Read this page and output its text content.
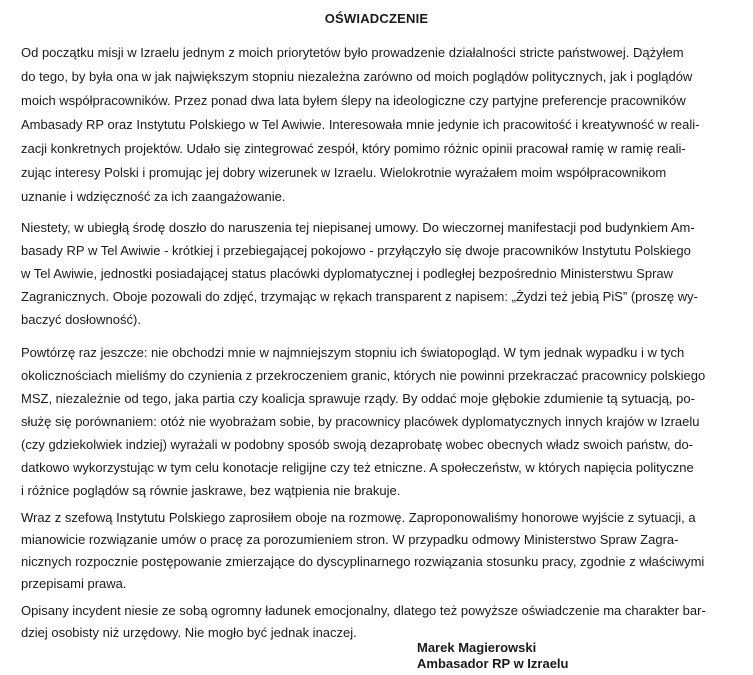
OŚWIADCZENIE
Od początku misji w Izraelu jednym z moich priorytetów było prowadzenie działalności stricte państwowej. Dążyłem
do tego, by była ona w jak największym stopniu niezależna zarówno od moich poglądów politycznych, jak i poglądów
moich współpracowników. Przez ponad dwa lata byłem ślepy na ideologiczne czy partyjne preferencje pracowników
Ambasady RP oraz Instytutu Polskiego w Tel Awiwie. Interesowała mnie jedynie ich pracowitość i kreatywność w reali-
zacji konkretnych projektów. Udało się zintegrować zespół, który pomimo różnic opinii pracował ramię w ramię reali-
zując interesy Polski i promując jej dobry wizerunek w Izraelu. Wielokrotnie wyrażałem moim współpracownikom
uznanie i wdzięczność za ich zaangażowanie.
Niestety, w ubiegłą środę doszło do naruszenia tej niepisanej umowy. Do wieczornej manifestacji pod budynkiem Am-
basady RP w Tel Awiwie - krótkiej i przebiegającej pokojowo - przyłączyło się dwoje pracowników Instytutu Polskiego
w Tel Awiwie, jednostki posiadającej status placówki dyplomatycznej i podległej bezpośrednio Ministerstwu Spraw
Zagranicznych. Oboje pozowali do zdjęć, trzymając w rękach transparent z napisem: „Żydzi też jebią PiS” (proszę wy-
baczyć dosłowność).
Powtórzę raz jeszcze: nie obchodzi mnie w najmniejszym stopniu ich światopogląd. W tym jednak wypadku i w tych
okolicznościach mieliśmy do czynienia z przekroczeniem granic, których nie powinni przekraczać pracownicy polskiego
MSZ, niezależnie od tego, jaka partia czy koalicja sprawuje rządy. By oddać moje głębokie zdumienie tą sytuacją, po-
służę się porównaniem: otóż nie wyobrażam sobie, by pracownicy placówek dyplomatycznych innych krajów w Izraelu
(czy gdziekolwiek indziej) wyrażali w podobny sposób swoją dezaprobatę wobec obecnych władz swoich państw, do-
datkowo wykorzystując w tym celu konotacje religijne czy też etniczne. A społeczeństw, w których napięcia polityczne
i różnice poglądów są równie jaskrawe, bez wątpienia nie brakuje.
Wraz z szefową Instytutu Polskiego zaprosiłem oboje na rozmowę. Zaproponowaliśmy honorowe wyjście z sytuacji, a
mianowicie rozwiązanie umów o pracę za porozumieniem stron. W przypadku odmowy Ministerstwo Spraw Zagra-
nicznych rozpocznie postępowanie zmierzające do dyscyplinarnego rozwiązania stosunku pracy, zgodnie z właściwymi
przepisami prawa.
Opisany incydent niesie ze sobą ogromny ładunek emocjonalny, dlatego też powyższe oświadczenie ma charakter bar-
dziej osobisty niż urzędowy. Nie mogło być jednak inaczej.
Marek Magierowski
Ambasador RP w Izraelu
